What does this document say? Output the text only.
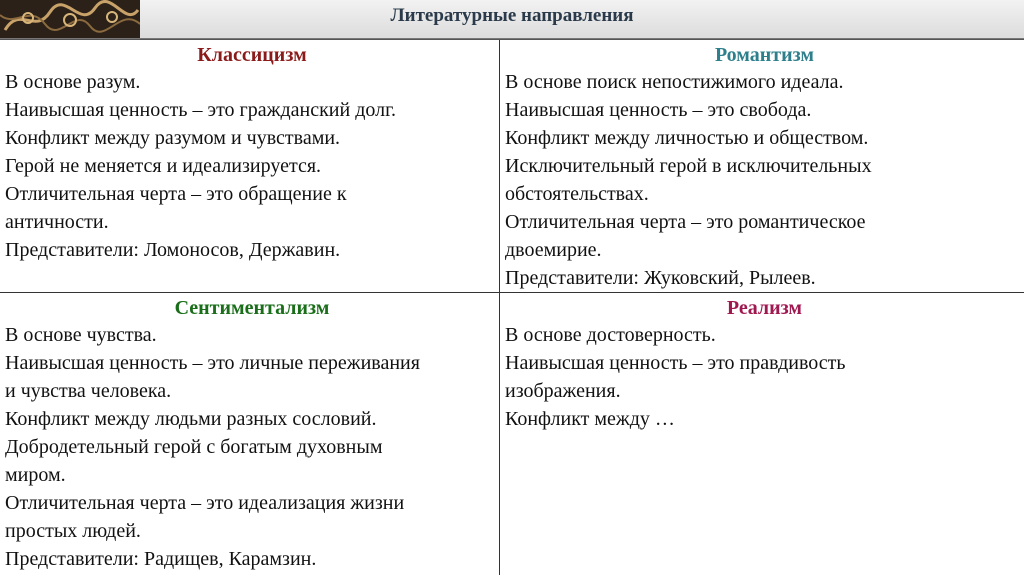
Литературные направления
Классицизм
В основе разум.
Наивысшая ценность – это гражданский долг.
Конфликт между разумом и чувствами.
Герой не меняется и идеализируется.
Отличительная черта – это обращение к
античности.
Представители: Ломоносов, Державин.
Романтизм
В основе поиск непостижимого идеала.
Наивысшая ценность – это свобода.
Конфликт между личностью и обществом.
Исключительный герой в исключительных
обстоятельствах.
Отличительная черта – это романтическое
двоемирие.
Представители: Жуковский, Рылеев.
Сентиментализм
В основе чувства.
Наивысшая ценность – это личные переживания
и чувства человека.
Конфликт между людьми разных сословий.
Добродетельный герой с богатым духовным
миром.
Отличительная черта – это идеализация жизни
простых людей.
Представители: Радищев, Карамзин.
Реализм
В основе достоверность.
Наивысшая ценность – это правдивость
изображения.
Конфликт между …
